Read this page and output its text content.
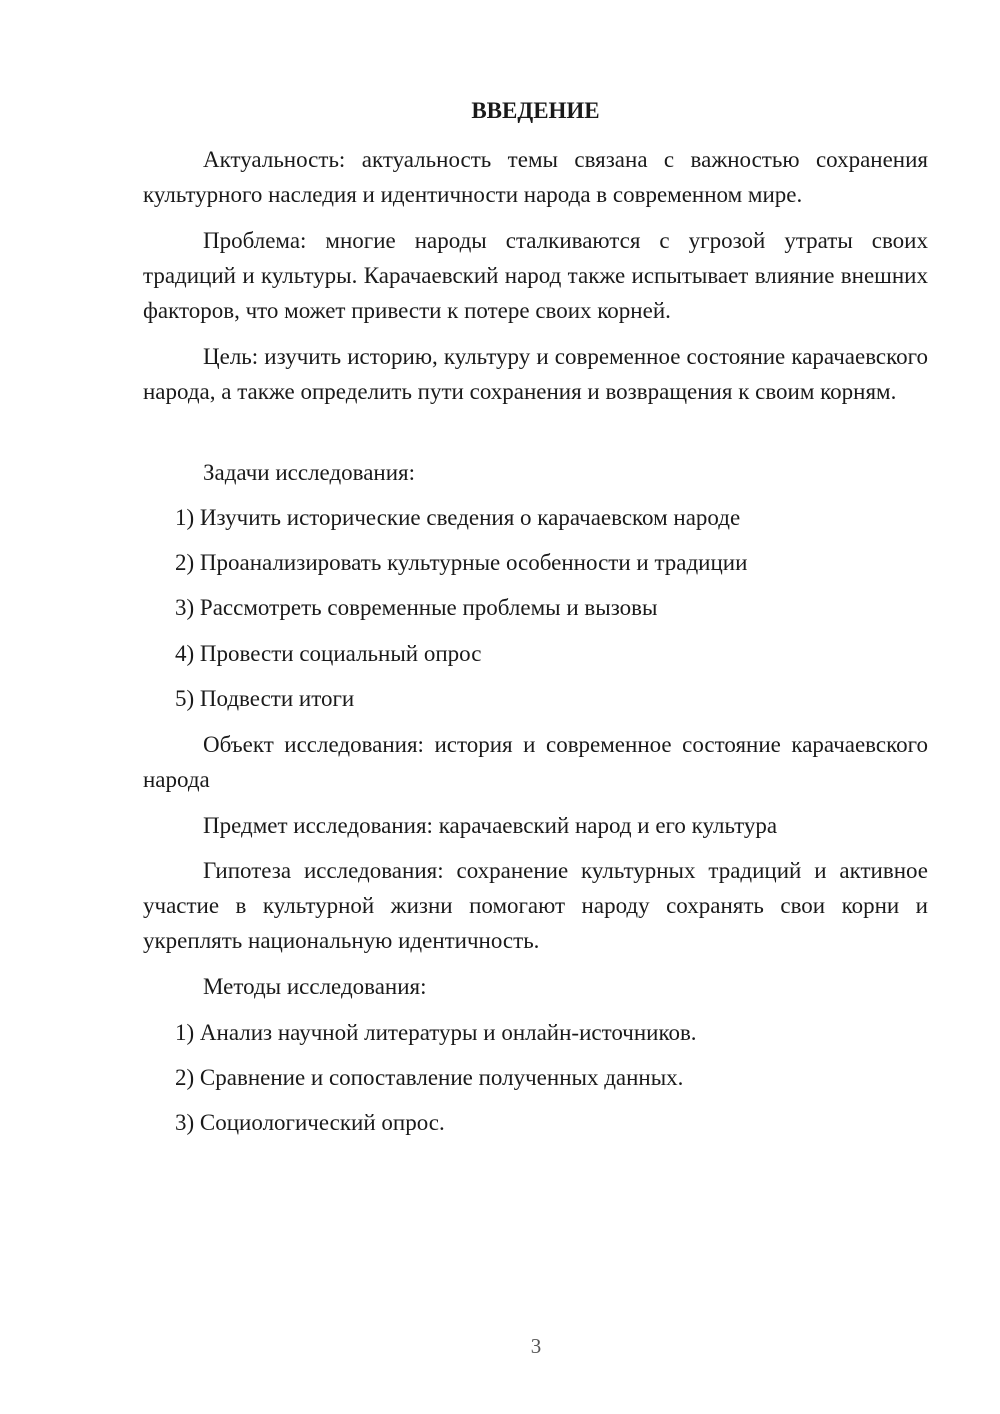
ВВЕДЕНИЕ
Актуальность: актуальность темы связана с важностью сохранения культурного наследия и идентичности народа в современном мире.
Проблема: многие народы сталкиваются с угрозой утраты своих традиций и культуры. Карачаевский народ также испытывает влияние внешних факторов, что может привести к потере своих корней.
Цель: изучить историю, культуру и современное состояние карачаевского народа, а также определить пути сохранения и возвращения к своим корням.
Задачи исследования:
1) Изучить исторические сведения о карачаевском народе
2) Проанализировать культурные особенности и традиции
3) Рассмотреть современные проблемы и вызовы
4) Провести социальный опрос
5) Подвести итоги
Объект исследования: история и современное состояние карачаевского народа
Предмет исследования: карачаевский народ и его культура
Гипотеза исследования: сохранение культурных традиций и активное участие в культурной жизни помогают народу сохранять свои корни и укреплять национальную идентичность.
Методы исследования:
1) Анализ научной литературы и онлайн-источников.
2) Сравнение и сопоставление полученных данных.
3) Социологический опрос.
3
